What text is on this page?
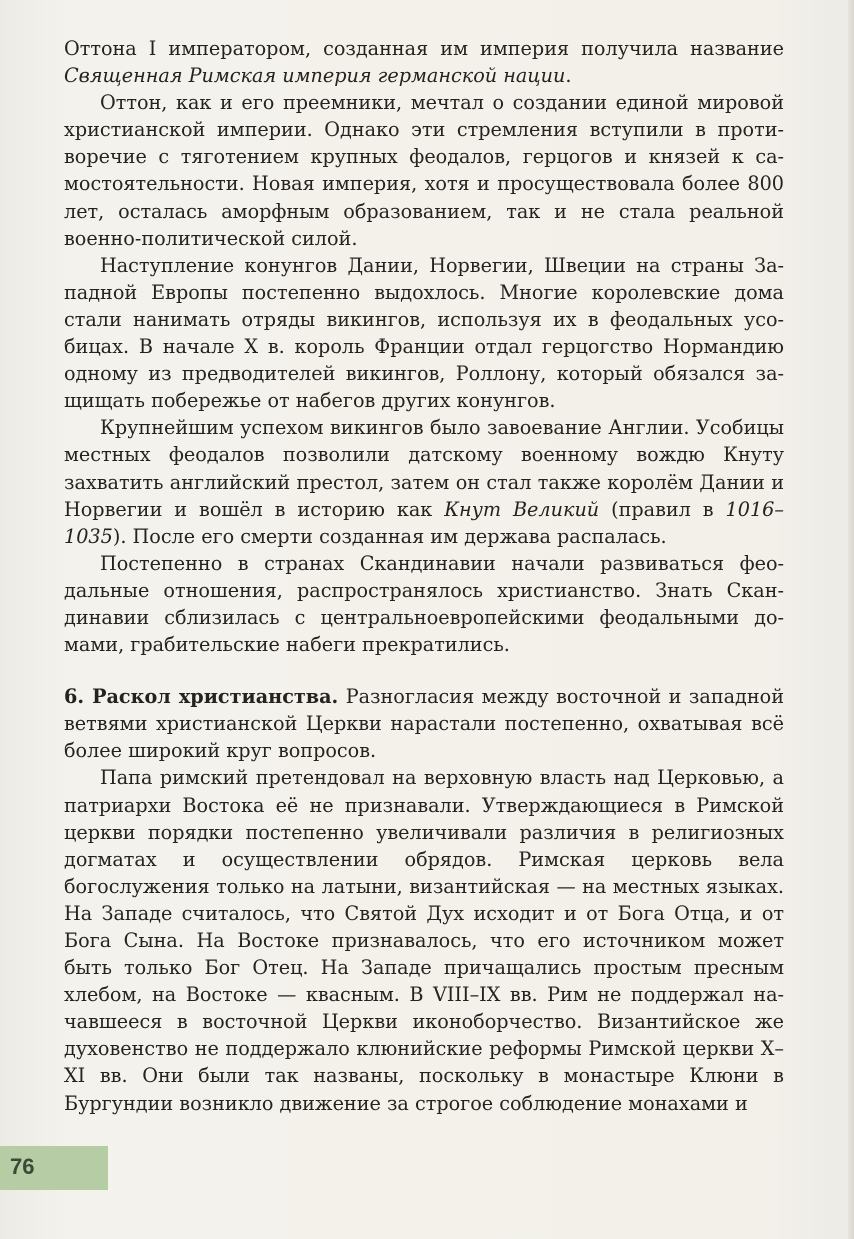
Оттона I императором, созданная им империя получила название Священная Римская империя германской нации.

Оттон, как и его преемники, мечтал о создании единой мировой христианской империи. Однако эти стремления вступили в противоречие с тяготением крупных феодалов, герцогов и князей к самостоятельности. Новая империя, хотя и просуществовала более 800 лет, осталась аморфным образованием, так и не стала реальной военно-политической силой.

Наступление конунгов Дании, Норвегии, Швеции на страны Западной Европы постепенно выдохлось. Многие королевские дома стали нанимать отряды викингов, используя их в феодальных усобицах. В начале X в. король Франции отдал герцогство Нормандию одному из предводителей викингов, Роллону, который обязался защищать побережье от набегов других конунгов.

Крупнейшим успехом викингов было завоевание Англии. Усобицы местных феодалов позволили датскому военному вождю Кнуту захватить английский престол, затем он стал также королём Дании и Норвегии и вошёл в историю как Кнут Великий (правил в 1016–1035). После его смерти созданная им держава распалась.

Постепенно в странах Скандинавии начали развиваться феодальные отношения, распространялось христианство. Знать Скандинавии сблизилась с центральноевропейскими феодальными домами, грабительские набеги прекратились.

6. Раскол христианства. Разногласия между восточной и западной ветвями христианской Церкви нарастали постепенно, охватывая всё более широкий круг вопросов.

Папа римский претендовал на верховную власть над Церковью, а патриархи Востока её не признавали. Утверждающиеся в Римской церкви порядки постепенно увеличивали различия в религиозных догматах и осуществлении обрядов. Римская церковь вела богослужения только на латыни, византийская — на местных языках. На Западе считалось, что Святой Дух исходит и от Бога Отца, и от Бога Сына. На Востоке признавалось, что его источником может быть только Бог Отец. На Западе причащались простым пресным хлебом, на Востоке — квасным. В VIII–IX вв. Рим не поддержал начавшееся в восточной Церкви иконоборчество. Византийское же духовенство не поддержало клюнийские реформы Римской церкви X–XI вв. Они были так названы, поскольку в монастыре Клюни в Бургундии возникло движение за строгое соблюдение монахами и

76
